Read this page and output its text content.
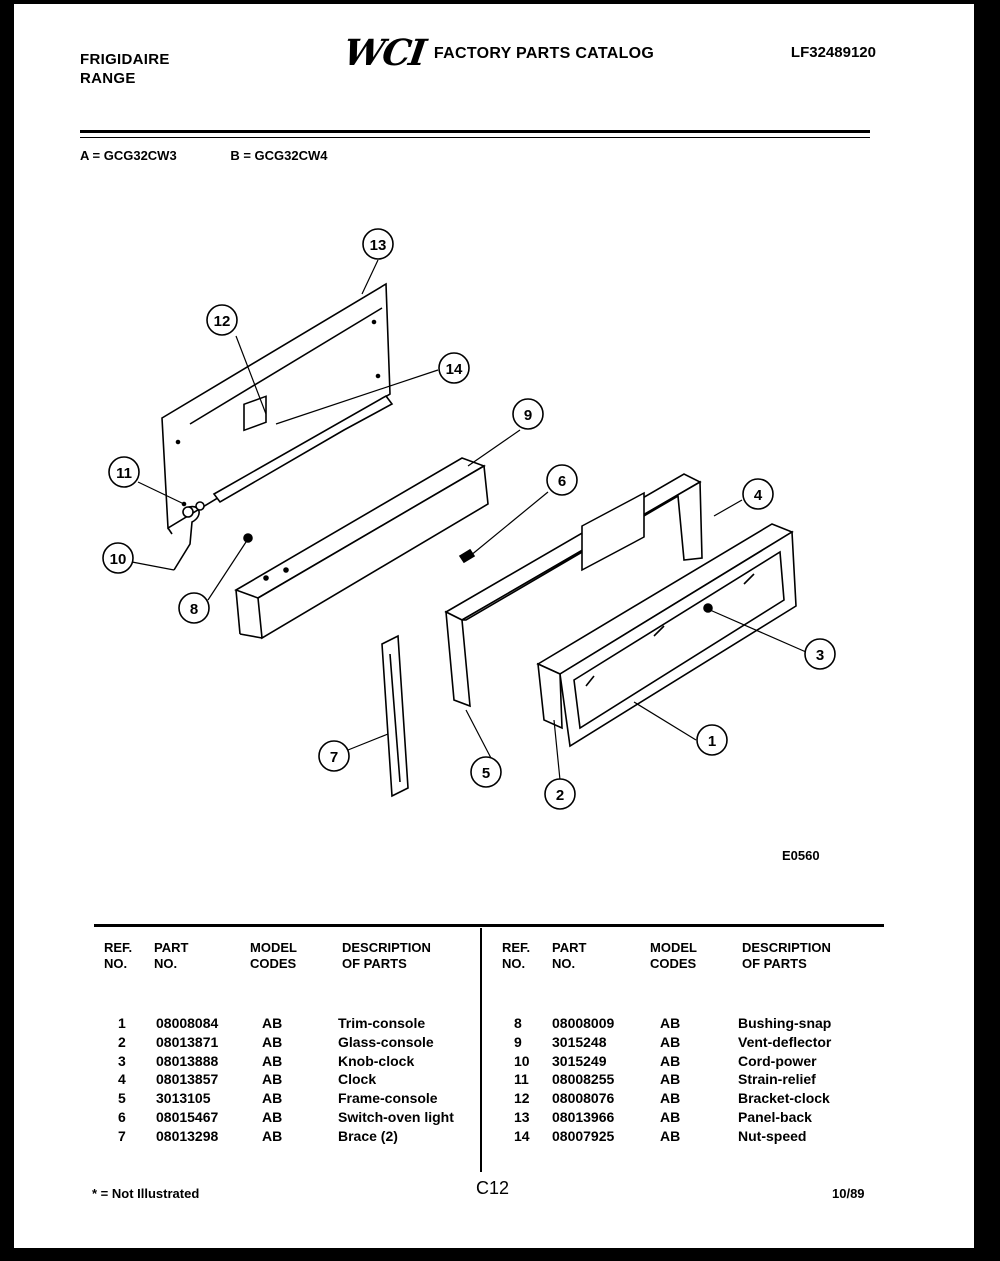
FRIGIDAIRE
RANGE
WCI FACTORY PARTS CATALOG	LF32489120
A = GCG32CW3	B = GCG32CW4
13
12
14
11
9
6
4
10
8
3
7
5
1
2
E0560
REF.
NO.
PART
NO.
MODEL
CODES
DESCRIPTION
OF PARTS
REF.
NO.
PART
NO.
MODEL
CODES
DESCRIPTION
OF PARTS
1 08008084	AB	Trim-console
2 08013871	AB	Glass-console
3 08013888	AB	Knob-clock
4 08013857	AB	Clock
5 3013105	AB	Frame-console
6 08015467	AB	Switch-oven light
7 08013298	AB	Brace (2)
8 08008009	AB	Bushing-snap
9 3015248	AB	Vent-deflector
10 3015249	AB	Cord-power
11 08008255	AB	Strain-relief
12 08008076	AB	Bracket-clock
13 08013966	AB	Panel-back
14 08007925	AB	Nut-speed
* = Not Illustrated	C12	10/89
